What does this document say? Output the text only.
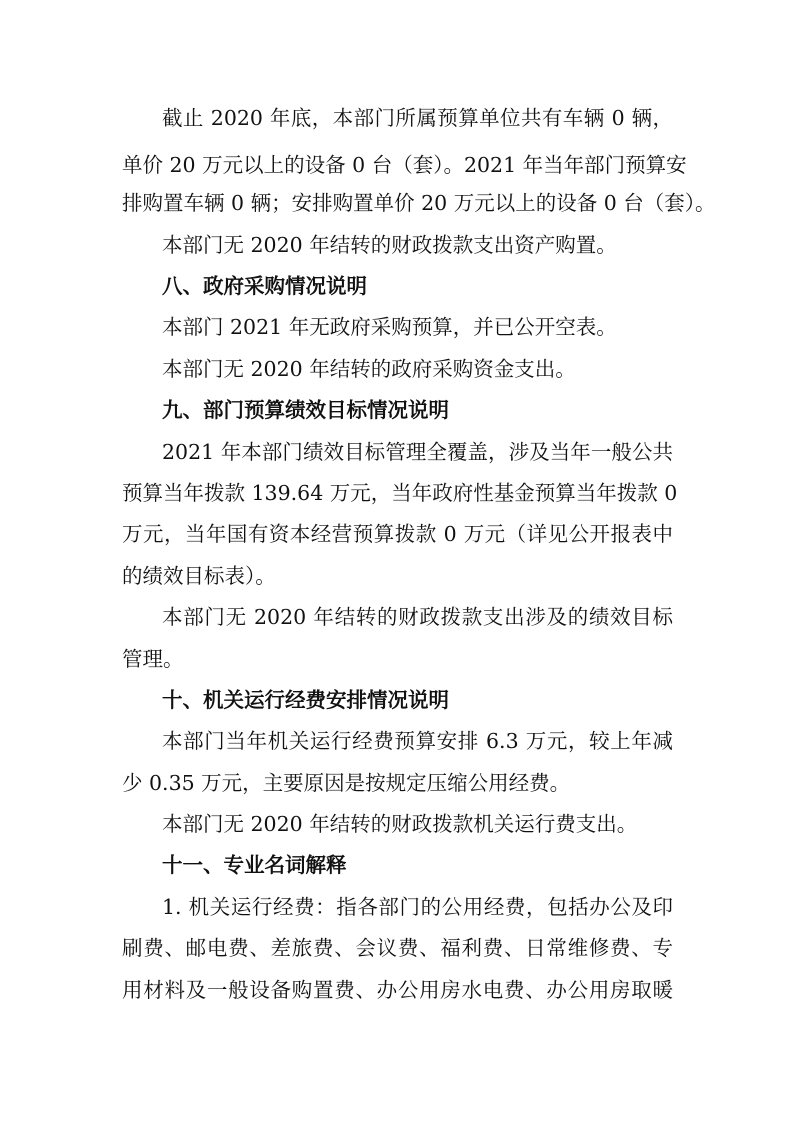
截止 2020 年底，本部门所属预算单位共有车辆 0 辆，
单价 20 万元以上的设备 0 台（套）。2021 年当年部门预算安
排购置车辆 0 辆；安排购置单价 20 万元以上的设备 0 台（套）。
本部门无 2020 年结转的财政拨款支出资产购置。
八、政府采购情况说明
本部门 2021 年无政府采购预算，并已公开空表。
本部门无 2020 年结转的政府采购资金支出。
九、部门预算绩效目标情况说明
2021 年本部门绩效目标管理全覆盖，涉及当年一般公共
预算当年拨款 139.64 万元，当年政府性基金预算当年拨款 0
万元，当年国有资本经营预算拨款 0 万元（详见公开报表中
的绩效目标表）。
本部门无 2020 年结转的财政拨款支出涉及的绩效目标
管理。
十、机关运行经费安排情况说明
本部门当年机关运行经费预算安排 6.3 万元，较上年减
少 0.35 万元，主要原因是按规定压缩公用经费。
本部门无 2020 年结转的财政拨款机关运行费支出。
十一、专业名词解释
1. 机关运行经费：指各部门的公用经费，包括办公及印
刷费、邮电费、差旅费、会议费、福利费、日常维修费、专
用材料及一般设备购置费、办公用房水电费、办公用房取暖
